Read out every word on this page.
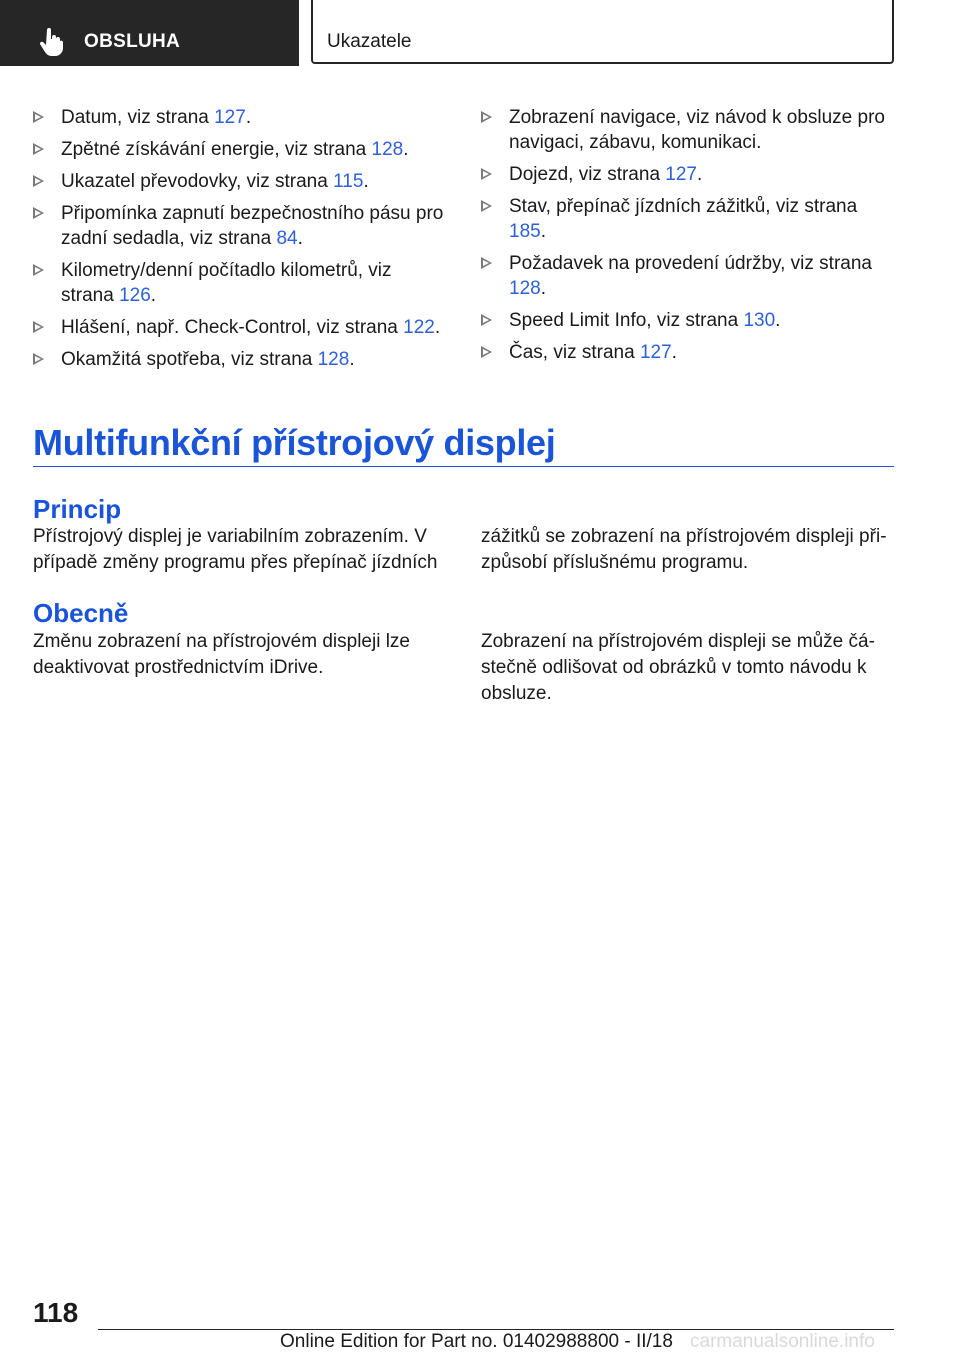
OBSLUHA	Ukazatele
Datum, viz strana 127.
Zpětné získávání energie, viz strana 128.
Ukazatel převodovky, viz strana 115.
Připomínka zapnutí bezpečnostního pásu pro zadní sedadla, viz strana 84.
Kilometry/denní počítadlo kilometrů, viz strana 126.
Hlášení, např. Check-Control, viz strana 122.
Okamžitá spotřeba, viz strana 128.
Zobrazení navigace, viz návod k obsluze pro navigaci, zábavu, komunikaci.
Dojezd, viz strana 127.
Stav, přepínač jízdních zážitků, viz strana 185.
Požadavek na provedení údržby, viz strana 128.
Speed Limit Info, viz strana 130.
Čas, viz strana 127.
Multifunkční přístrojový displej
Princip
Přístrojový displej je variabilním zobrazením. V případě změny programu přes přepínač jízdních
zážitků se zobrazení na přístrojovém displeji přizpůsobí příslušnému programu.
Obecně
Změnu zobrazení na přístrojovém displeji lze deaktivovat prostřednictvím iDrive.
Zobrazení na přístrojovém displeji se může částečně odlišovat od obrázků v tomto návodu k obsluze.
118
Online Edition for Part no. 01402988800 - II/18 carmanualsonline.info
